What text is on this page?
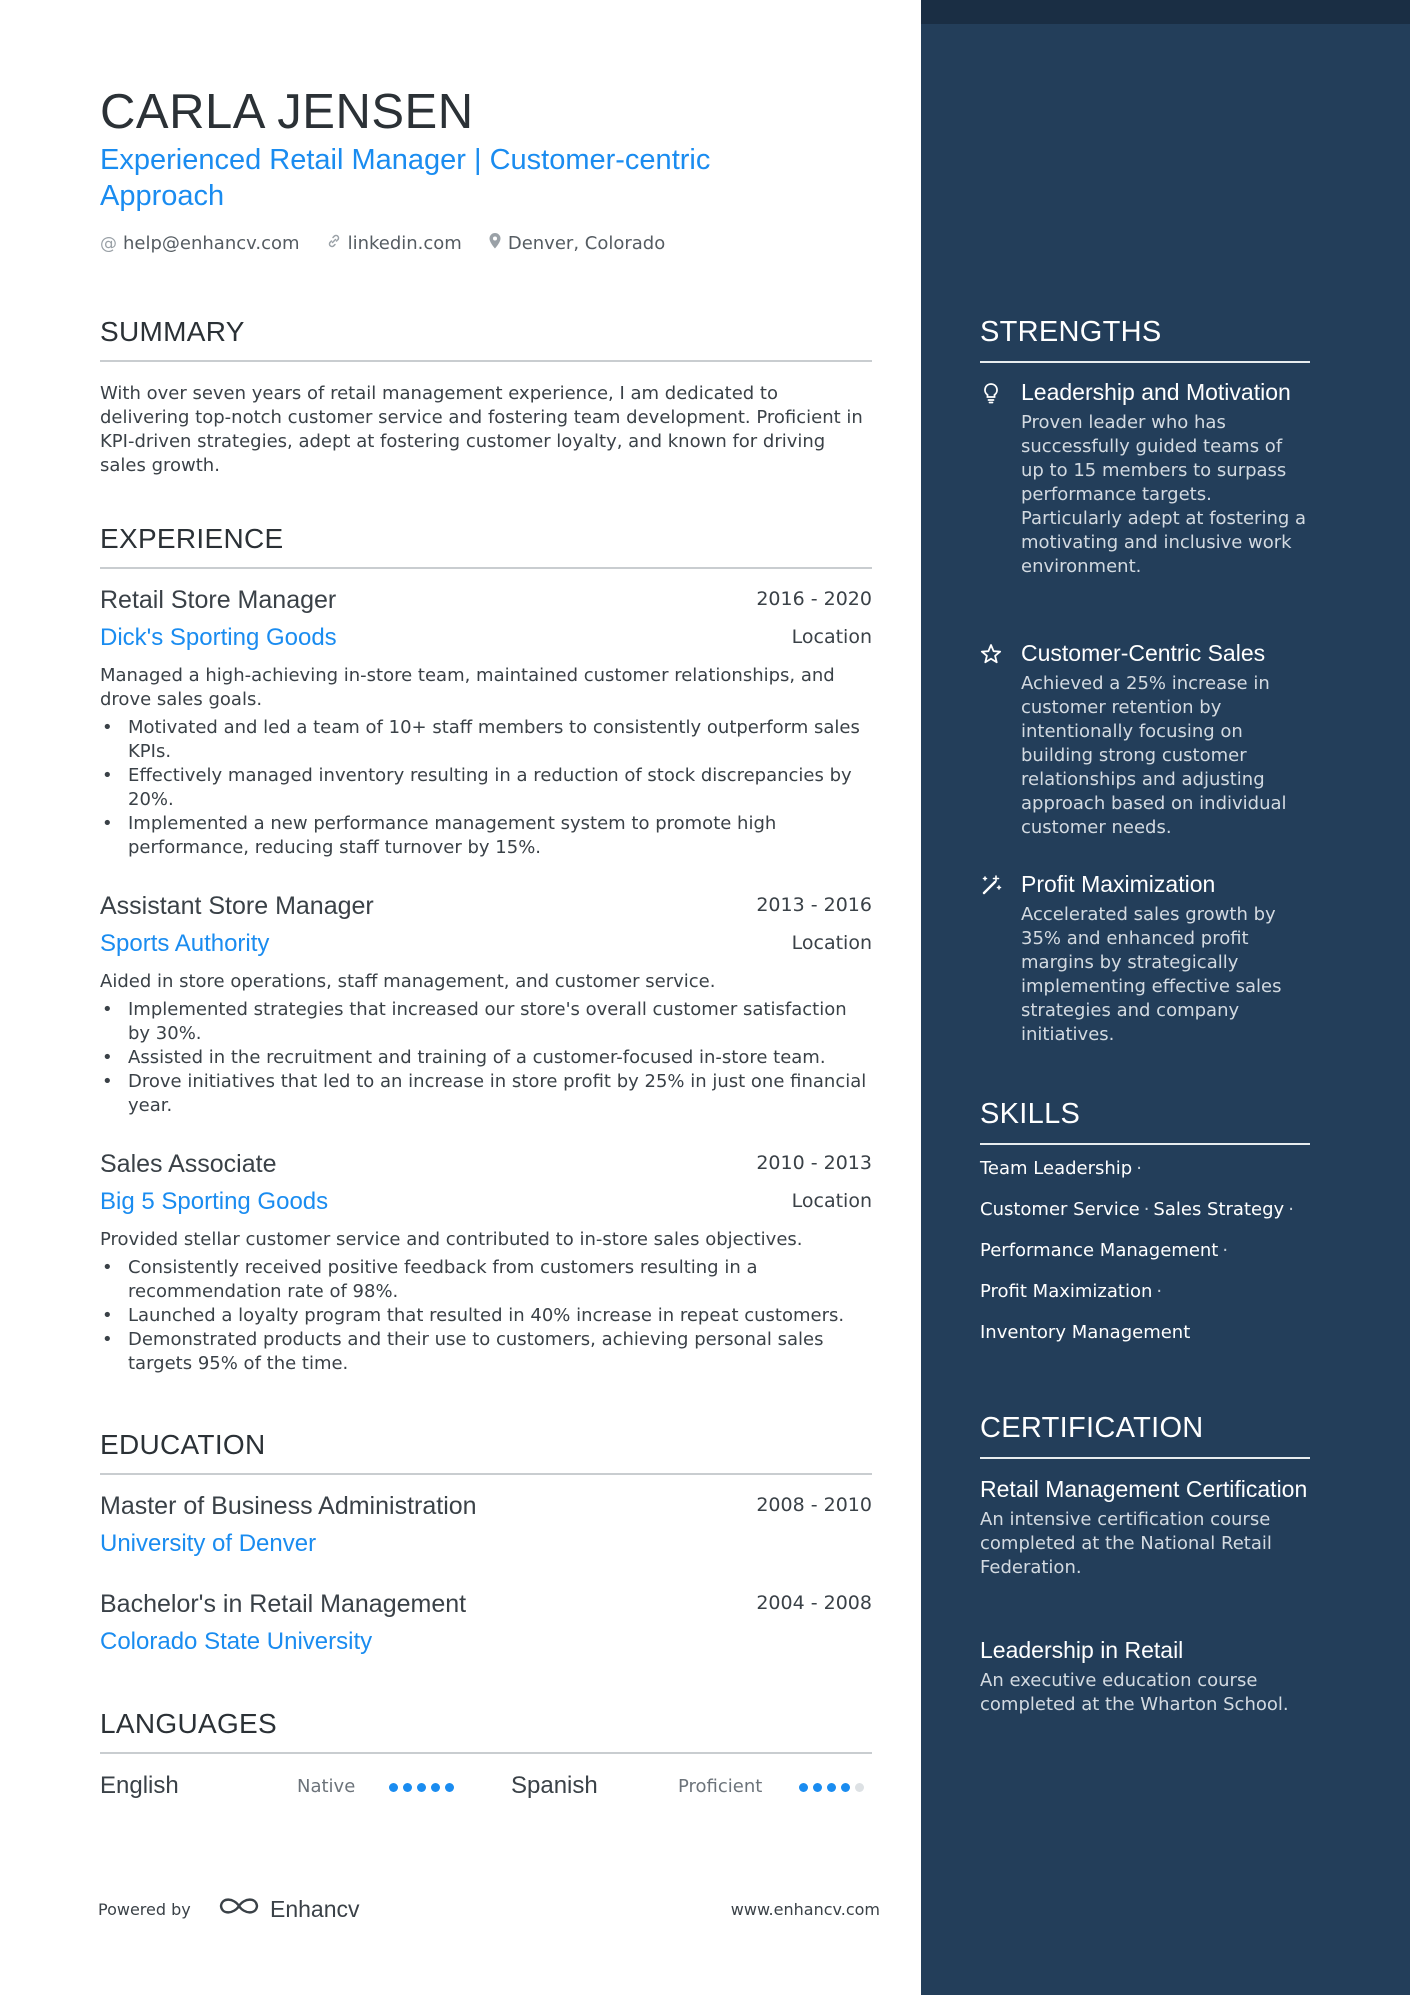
CARLA JENSEN
Experienced Retail Manager | Customer-centric Approach
@ help@enhancv.com	linkedin.com	Denver, Colorado
SUMMARY
With over seven years of retail management experience, I am dedicated to delivering top-notch customer service and fostering team development. Proficient in KPI-driven strategies, adept at fostering customer loyalty, and known for driving sales growth.
EXPERIENCE
Retail Store Manager	2016 - 2020
Dick's Sporting Goods	Location
Managed a high-achieving in-store team, maintained customer relationships, and drove sales goals.
• Motivated and led a team of 10+ staff members to consistently outperform sales KPIs.
• Effectively managed inventory resulting in a reduction of stock discrepancies by 20%.
• Implemented a new performance management system to promote high performance, reducing staff turnover by 15%.
Assistant Store Manager	2013 - 2016
Sports Authority	Location
Aided in store operations, staff management, and customer service.
• Implemented strategies that increased our store's overall customer satisfaction by 30%.
• Assisted in the recruitment and training of a customer-focused in-store team.
• Drove initiatives that led to an increase in store profit by 25% in just one financial year.
Sales Associate	2010 - 2013
Big 5 Sporting Goods	Location
Provided stellar customer service and contributed to in-store sales objectives.
• Consistently received positive feedback from customers resulting in a recommendation rate of 98%.
• Launched a loyalty program that resulted in 40% increase in repeat customers.
• Demonstrated products and their use to customers, achieving personal sales targets 95% of the time.
EDUCATION
Master of Business Administration	2008 - 2010
University of Denver
Bachelor's in Retail Management	2004 - 2008
Colorado State University
LANGUAGES
English	Native	Spanish	Proficient
Powered by	Enhancv	www.enhancv.com
STRENGTHS
Leadership and Motivation
Proven leader who has successfully guided teams of up to 15 members to surpass performance targets. Particularly adept at fostering a motivating and inclusive work environment.
Customer-Centric Sales
Achieved a 25% increase in customer retention by intentionally focusing on building strong customer relationships and adjusting approach based on individual customer needs.
Profit Maximization
Accelerated sales growth by 35% and enhanced profit margins by strategically implementing effective sales strategies and company initiatives.
SKILLS
Team Leadership ·
Customer Service · Sales Strategy ·
Performance Management ·
Profit Maximization ·
Inventory Management
CERTIFICATION
Retail Management Certification
An intensive certification course completed at the National Retail Federation.
Leadership in Retail
An executive education course completed at the Wharton School.
